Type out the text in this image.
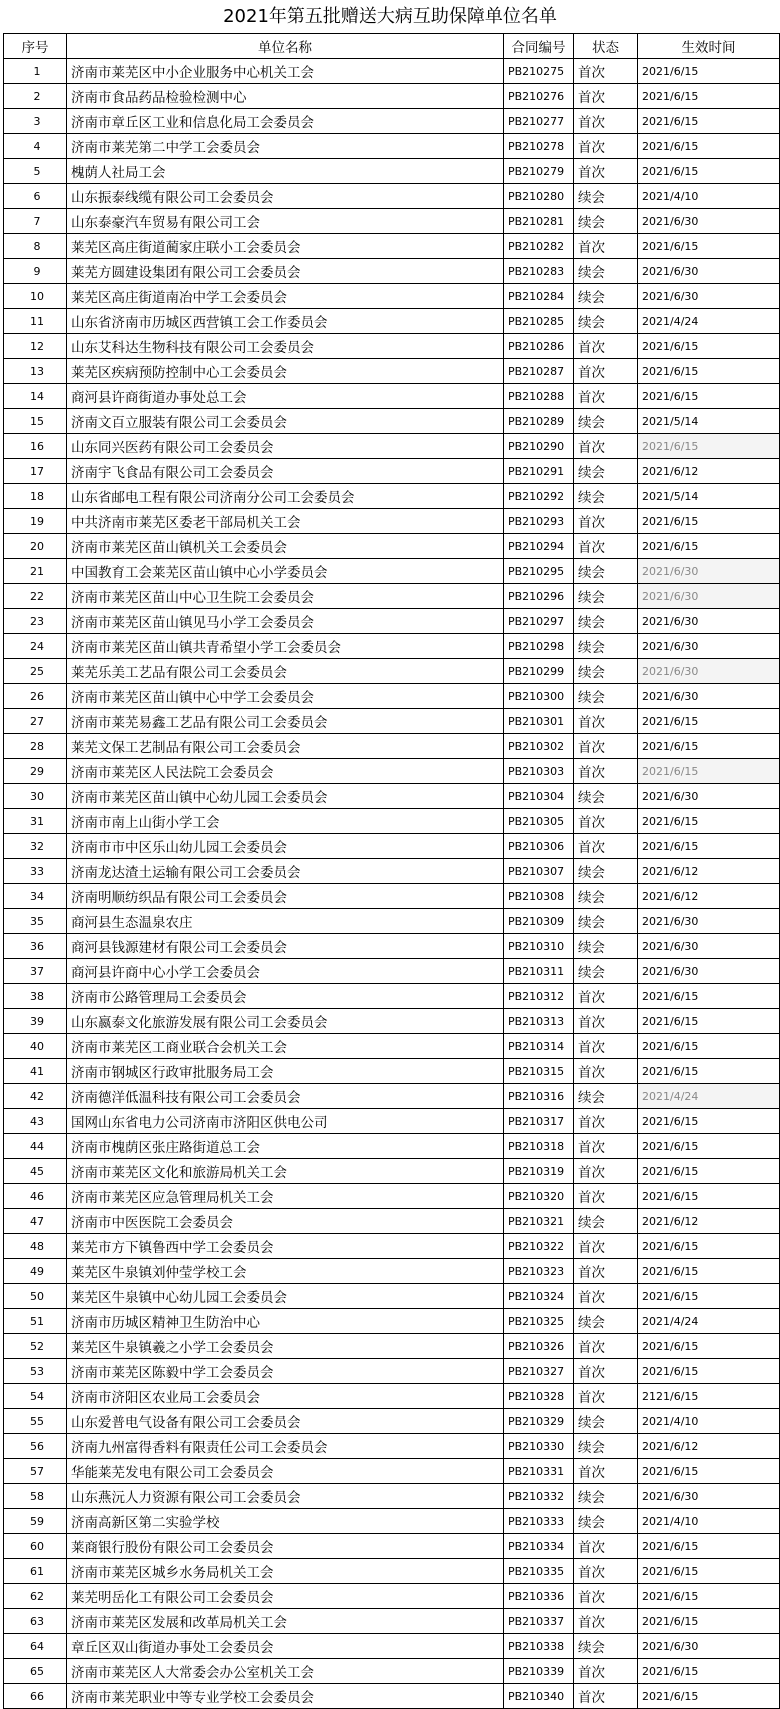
2021年第五批赠送大病互助保障单位名单
序号	单位名称	合同编号	状态	生效时间
1	济南市莱芜区中小企业服务中心机关工会	PB210275	首次	2021/6/15
2	济南市食品药品检验检测中心	PB210276	首次	2021/6/15
3	济南市章丘区工业和信息化局工会委员会	PB210277	首次	2021/6/15
4	济南市莱芜第二中学工会委员会	PB210278	首次	2021/6/15
5	槐荫人社局工会	PB210279	首次	2021/6/15
6	山东振泰线缆有限公司工会委员会	PB210280	续会	2021/4/10
7	山东泰豪汽车贸易有限公司工会	PB210281	续会	2021/6/30
8	莱芜区高庄街道蔺家庄联小工会委员会	PB210282	首次	2021/6/15
9	莱芜方圆建设集团有限公司工会委员会	PB210283	续会	2021/6/30
10	莱芜区高庄街道南冶中学工会委员会	PB210284	续会	2021/6/30
11	山东省济南市历城区西营镇工会工作委员会	PB210285	续会	2021/4/24
12	山东艾科达生物科技有限公司工会委员会	PB210286	首次	2021/6/15
13	莱芜区疾病预防控制中心工会委员会	PB210287	首次	2021/6/15
14	商河县许商街道办事处总工会	PB210288	首次	2021/6/15
15	济南文百立服装有限公司工会委员会	PB210289	续会	2021/5/14
16	山东同兴医药有限公司工会委员会	PB210290	首次	2021/6/15
17	济南宇飞食品有限公司工会委员会	PB210291	续会	2021/6/12
18	山东省邮电工程有限公司济南分公司工会委员会	PB210292	续会	2021/5/14
19	中共济南市莱芜区委老干部局机关工会	PB210293	首次	2021/6/15
20	济南市莱芜区苗山镇机关工会委员会	PB210294	首次	2021/6/15
21	中国教育工会莱芜区苗山镇中心小学委员会	PB210295	续会	2021/6/30
22	济南市莱芜区苗山中心卫生院工会委员会	PB210296	续会	2021/6/30
23	济南市莱芜区苗山镇见马小学工会委员会	PB210297	续会	2021/6/30
24	济南市莱芜区苗山镇共青希望小学工会委员会	PB210298	续会	2021/6/30
25	莱芜乐美工艺品有限公司工会委员会	PB210299	续会	2021/6/30
26	济南市莱芜区苗山镇中心中学工会委员会	PB210300	续会	2021/6/30
27	济南市莱芜易鑫工艺品有限公司工会委员会	PB210301	首次	2021/6/15
28	莱芜文保工艺制品有限公司工会委员会	PB210302	首次	2021/6/15
29	济南市莱芜区人民法院工会委员会	PB210303	首次	2021/6/15
30	济南市莱芜区苗山镇中心幼儿园工会委员会	PB210304	续会	2021/6/30
31	济南市南上山街小学工会	PB210305	首次	2021/6/15
32	济南市市中区乐山幼儿园工会委员会	PB210306	首次	2021/6/15
33	济南龙达渣土运输有限公司工会委员会	PB210307	续会	2021/6/12
34	济南明顺纺织品有限公司工会委员会	PB210308	续会	2021/6/12
35	商河县生态温泉农庄	PB210309	续会	2021/6/30
36	商河县钱源建材有限公司工会委员会	PB210310	续会	2021/6/30
37	商河县许商中心小学工会委员会	PB210311	续会	2021/6/30
38	济南市公路管理局工会委员会	PB210312	首次	2021/6/15
39	山东嬴泰文化旅游发展有限公司工会委员会	PB210313	首次	2021/6/15
40	济南市莱芜区工商业联合会机关工会	PB210314	首次	2021/6/15
41	济南市钢城区行政审批服务局工会	PB210315	首次	2021/6/15
42	济南德洋低温科技有限公司工会委员会	PB210316	续会	2021/4/24
43	国网山东省电力公司济南市济阳区供电公司	PB210317	首次	2021/6/15
44	济南市槐荫区张庄路街道总工会	PB210318	首次	2021/6/15
45	济南市莱芜区文化和旅游局机关工会	PB210319	首次	2021/6/15
46	济南市莱芜区应急管理局机关工会	PB210320	首次	2021/6/15
47	济南市中医医院工会委员会	PB210321	续会	2021/6/12
48	莱芜市方下镇鲁西中学工会委员会	PB210322	首次	2021/6/15
49	莱芜区牛泉镇刘仲莹学校工会	PB210323	首次	2021/6/15
50	莱芜区牛泉镇中心幼儿园工会委员会	PB210324	首次	2021/6/15
51	济南市历城区精神卫生防治中心	PB210325	续会	2021/4/24
52	莱芜区牛泉镇羲之小学工会委员会	PB210326	首次	2021/6/15
53	济南市莱芜区陈毅中学工会委员会	PB210327	首次	2021/6/15
54	济南市济阳区农业局工会委员会	PB210328	首次	2121/6/15
55	山东爱普电气设备有限公司工会委员会	PB210329	续会	2021/4/10
56	济南九州富得香料有限责任公司工会委员会	PB210330	续会	2021/6/12
57	华能莱芜发电有限公司工会委员会	PB210331	首次	2021/6/15
58	山东燕沅人力资源有限公司工会委员会	PB210332	续会	2021/6/30
59	济南高新区第二实验学校	PB210333	续会	2021/4/10
60	莱商银行股份有限公司工会委员会	PB210334	首次	2021/6/15
61	济南市莱芜区城乡水务局机关工会	PB210335	首次	2021/6/15
62	莱芜明岳化工有限公司工会委员会	PB210336	首次	2021/6/15
63	济南市莱芜区发展和改革局机关工会	PB210337	首次	2021/6/15
64	章丘区双山街道办事处工会委员会	PB210338	续会	2021/6/30
65	济南市莱芜区人大常委会办公室机关工会	PB210339	首次	2021/6/15
66	济南市莱芜职业中等专业学校工会委员会	PB210340	首次	2021/6/15
